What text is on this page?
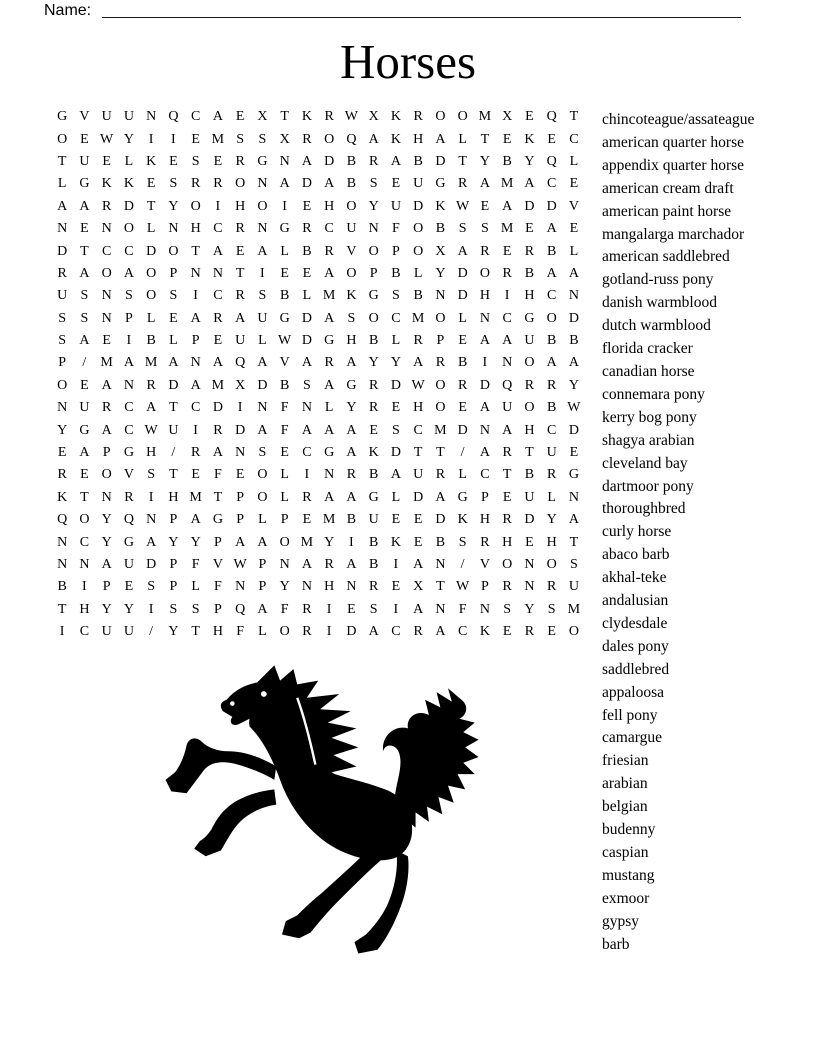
Name:
Horses
G V U U N Q C A E X T K R W X K R O O M X E Q T
O E W Y	I	I	E M S	S X R O Q A K H A L T E K E C
T U E L K E	S	E R G N A D B R A B D T Y B Y Q L
L G K K E	S R R O N A D A B S	E U G R A M A C E
A A R D T Y O	I	H O	I	E H O Y U D K W E A D D V
N E N O L N H C R N G R C U N F O B S	S M E A E
D T C C D O T A E A L B R V O P O X A R E R B L
R A O A O P N N T	I	E E A O P B L Y D O R B A A
U S N S O S	I	C R S B L M K G S B N D H	I	H C N
S	S N P	L E A R A U G D A S O C M O L N C G O D
S A E	I	B L	P	E U L W D G H B L R P	E A A U B B
P	/	M A M A N A Q A V A R A Y Y A R B	I	N O A A
O E A N R D A M X D B S A G R D W O R D Q R R Y
N U R C A T C D	I	N F N L Y R E H O E A U O B W
Y G A C W U	I	R D A F A A A E	S C M D N A H C D
E A P G H	/	R A N S	E C G A K D T T	/	A R T U E
R E O V S	T E	F	E O L	I	N R B A U R L C T B R G
K T N R	I	H M T	P O L R A A G L D A G P	E U L N
Q O Y Q N P A G P	L	P	E M B U E E D K H R D Y A
N C Y G A Y Y P A A O M Y	I	B K E B S R H E H T
N N A U D P	F V W P N A R A B	I	A N	/	V O N O S
B	I	P	E	S	P	L	F N P Y N H N R E X T W P R N R U
T H Y Y	I	S	S	P Q A F R	I	E	S	I	A N F N S Y S M
I	C U U	/	Y T H F	L O R	I	D A C R A C K E R E O
chincoteague/assateague
american quarter horse
appendix quarter horse
american cream draft
american paint horse
mangalarga marchador
american saddlebred
gotland-russ pony
danish warmblood
dutch warmblood
florida cracker
canadian horse
connemara pony
kerry bog pony
shagya arabian
cleveland bay
dartmoor pony
thoroughbred
curly horse
abaco barb
akhal-teke
andalusian
clydesdale
dales pony
saddlebred
appaloosa
fell pony
camargue
friesian
arabian
belgian
budenny
caspian
mustang
exmoor
gypsy
barb
